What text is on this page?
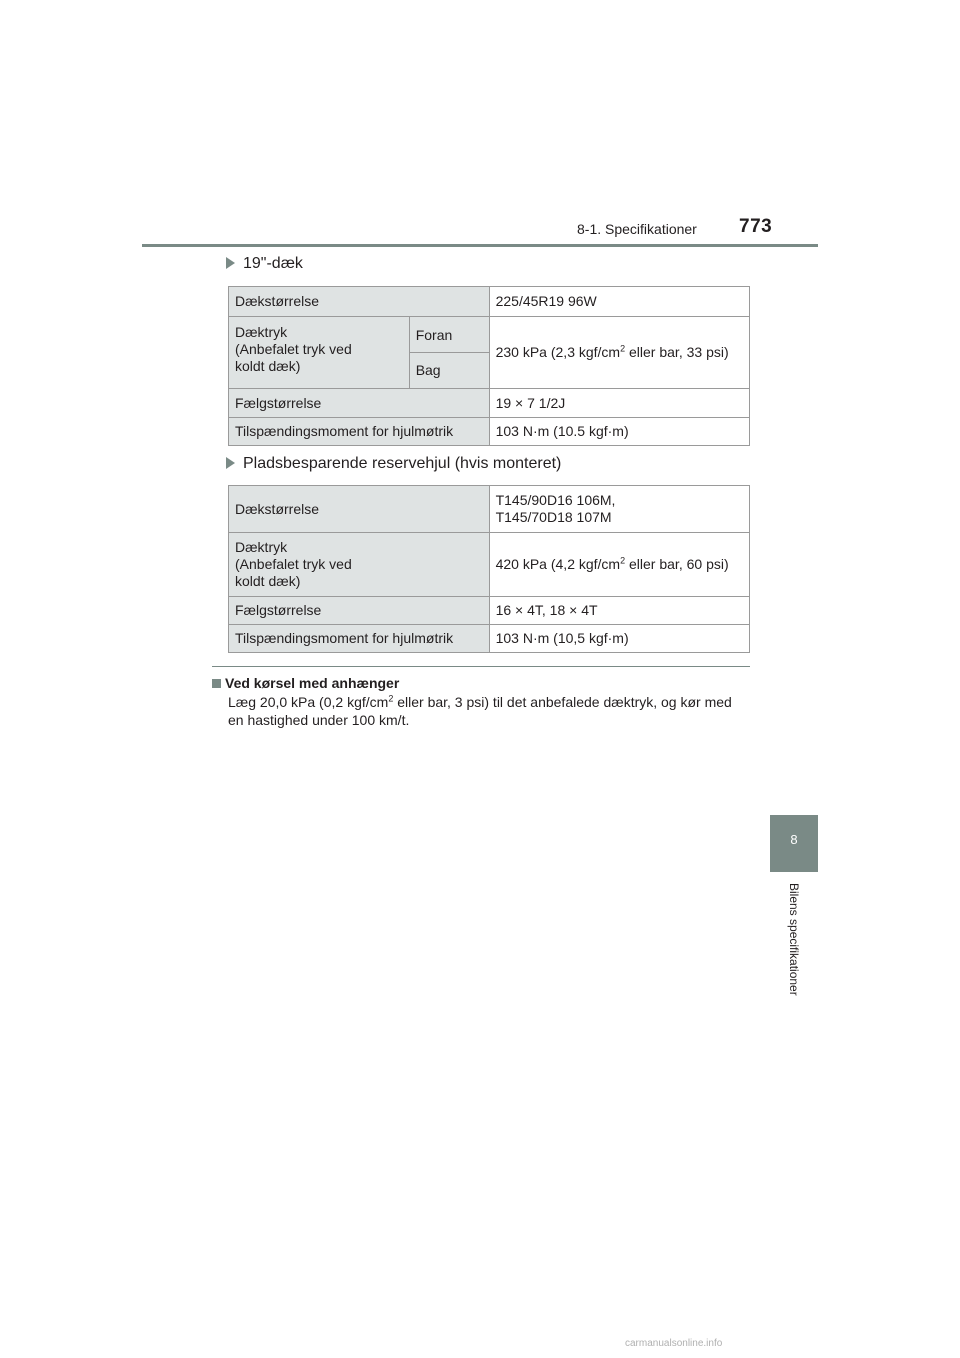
8-1. Specifikationer 773
19"-dæk
Dækstørrelse		225/45R19 96W

Dæktryk
(Anbefalet tryk ved
koldt dæk)	Foran	230 kPa (2,3 kgf/$cm^2$ eller bar, 33 psi)
	Bag	
Fælgstørrelse		19 × 7 1/2J
Tilspændingsmoment for hjulmøtrik		103 N·m (10.5 kgf·m)
Pladsbesparende reservehjul (hvis monteret)
Dækstørrelse	T145/90D16 106M,
T145/70D18 107M

Dæktryk
(Anbefalet tryk ved
koldt dæk)	420 kPa (4,2 kgf/$cm^2$ eller bar, 60 psi)
Fælgstørrelse	16 × 4T, 18 × 4T
Tilspændingsmoment for hjulmøtrik	103 N·m (10,5 kgf·m)
Ved kørsel med anhænger
Læg 20,0 kPa (0,2 kgf/$cm^2$ eller bar, 3 psi) til det anbefalede dæktryk, og kør med en hastighed under 100 km/t.
8
Bilens specifikationer
carmanualsonline.info
